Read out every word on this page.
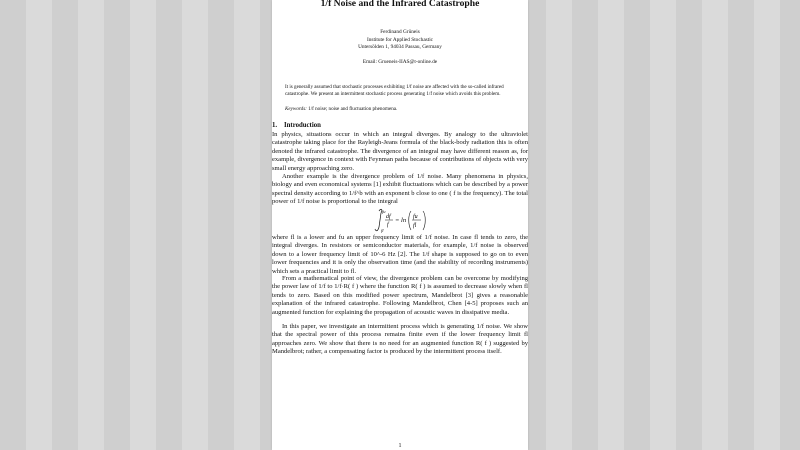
1/f Noise and the Infrared Catastrophe
Ferdinand Grüneis
Institute for Applied Stochastic
Untersölden 1, 94034 Passau, Germany
Email: Grueneis-IIAS@t-online.de
It is generally assumed that stochastic processes exhibiting 1/f noise are affected with the so-called infrared catastrophe. We present an intermittent stochastic process generating 1/f noise which avoids this problem.
Keywords: 1/f noise; noise and fluctuation phenomena.
1. Introduction
In physics, situations occur in which an integral diverges. By analogy to the ultraviolet catastrophe taking place for the Rayleigh-Jeans formula of the black-body radiation this is often denoted the infrared catastrophe. The divergence of an integral may have different reason as, for example, divergence in context with Feynman paths because of contributions of objects with very small energy approaching zero.
Another example is the divergence problem of 1/f noise. Many phenomena in physics, biology and even economical systems [1] exhibit fluctuations which can be described by a power spectral density according to 1/f^b with an exponent b close to one ( f is the frequency). The total power of 1/f noise is proportional to the integral
fu
fl
df
f
= ln fu
fl
where fl is a lower and fu an upper frequency limit of 1/f noise. In case fl tends to zero, the integral diverges. In resistors or semiconductor materials, for example, 1/f noise is observed down to a lower frequency limit of 10^-6 Hz [2]. The 1/f shape is supposed to go on to even lower frequencies and it is only the observation time (and the stability of recording instruments) which sets a practical limit to fl.
From a mathematical point of view, the divergence problem can be overcome by modifying the power law of 1/f to 1/f·R( f ) where the function R( f ) is assumed to decrease slowly when fl tends to zero. Based on this modified power spectrum, Mandelbrot [3] gives a reasonable explanation of the infrared catastrophe. Following Mandelbrot, Chen [4-5] proposes such an augmented function for explaining the propagation of acoustic waves in dissipative media.
In this paper, we investigate an intermittent process which is generating 1/f noise. We show that the spectral power of this process remains finite even if the lower frequency limit fl approaches zero. We show that there is no need for an augmented function R( f ) suggested by Mandelbrot; rather, a compensating factor is produced by the intermittent process itself.
1
